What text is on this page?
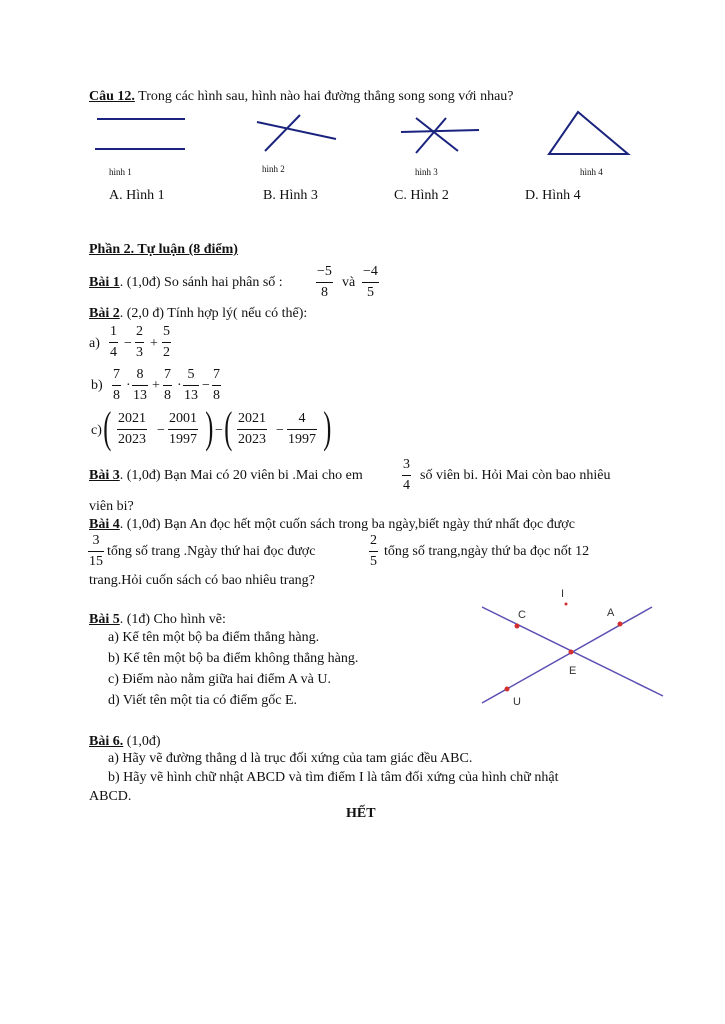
Câu 12. Trong các hình sau, hình nào hai đường thẳng song song với nhau?
hình 1	hình 2	hình 3	hình 4
A. Hình 1	B. Hình 3	C. Hình 2	D. Hình 4
Phần 2. Tự luận (8 điểm)
Bài 1. (1,0đ) So sánh hai phân số :
−5
8
và
−4
5
Bài 2. (2,0 đ) Tính hợp lý( nếu có thể):
a)
1
4
−
2
3
+
5
2
b)
7
8
·
8
13
+
7
8
·
5
13
−
7
8
c) ( 2021
2023
−
2001
1997 ) − ( 2021
2023
−
4
1997 )
Bài 3. (1,0đ) Bạn Mai có 20 viên bi .Mai cho em
3
4
số viên bi. Hỏi Mai còn bao nhiêu
viên bi?
Bài 4. (1,0đ) Bạn An đọc hết một cuốn sách trong ba ngày,biết ngày thứ nhất đọc được
3
15
tổng số trang .Ngày thứ hai đọc được
2
5
tổng số trang,ngày thứ ba đọc nốt 12
trang.Hỏi cuốn sách có bao nhiêu trang?
Bài 5. (1đ) Cho hình vẽ:
a) Kể tên một bộ ba điểm thẳng hàng.
b) Kể tên một bộ ba điểm không thẳng hàng.
c) Điểm nào nằm giữa hai điểm A và U.
d) Viết tên một tia có điểm gốc E.
C	A
I
E
U
Bài 6. (1,0đ)
a) Hãy vẽ đường thẳng d là trục đối xứng của tam giác đều ABC.
b) Hãy vẽ hình chữ nhật ABCD và tìm điểm I là tâm đối xứng của hình chữ nhật
ABCD.
HẾT
